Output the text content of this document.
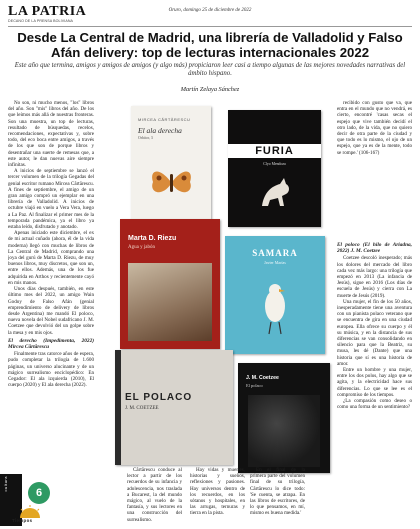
LA PATRIA
DECANO DE LA PRENSA BOLIVIANA
Oruro, domingo 25 de diciembre de 2022
Desde La Central de Madrid, una librería de Valladolid y Falso Afán delivery: top de lecturas internacionales 2022

Este año que termina, amigos y amigos de amigos (y algo más) propiciaron leer casi a tiempo algunas de las mejores novedades narrativas del ámbito hispano.

Martín Zelaya Sánchez

No son, ni mucho menos, "los" libros del año. Son "mis" libros del año. De los que leímos más allá de nuestras fronteras. Son una muestra, un top de lecturas, resultado de búsquedas, recelos, recomendaciones, expectativas y, sobre todo, del eco boca entre amigos, a través de los que son de porque libros y desentrañar una suerte de remesas que, a este autor, le dan nuevas aire siempre infinitas.

A inicios de septiembre se lanzó el tercer volumen de la trilogía Gegadas del genial escritor rumano Mircea Cărtărescu. A fines de septiembre, el amigo de un gran amigo compró un ejemplar en una librería de Valladolid. A inicios de octubre viajó en vuelo a Vera Vera, luego a La Paz. Al finalizar el primer mes de la temporada pandémica, ya el libro ya estaba leído, disfrutado y anotado.

Apenas iniciado este diciembre, el ex de mi actual cuñado (ahora, él de la vida moderna) llegó con muchas de libros de La Central de Madrid, comprando una joya del gurú de Marta D. Riezu, de muy buenos libros, muy discretos, que son un, entre ellos. Además, una de los fue adquirida en Arthos y recientemente cayó en mis manos.

Unos días después, también, en este último mes del 2022, un amigo Wain Godoy de Falso Afán (genial emprendimiento de delivery de libros desde Argentina) me mandó El poloco, nueva novela del Nobel sudafricano J. M. Coetzee que devolvió del un golpe sobre la mesa y en mis ojos.

El derecho (Impedimenta, 2022) Mircea Cărtărescu

Finalmente tras catorce años de espera, pudo completar la trilogía de 1.600 páginas, un universo alucinante y de un mágico surrealismo enciclopédico: En Cegador: El ala izquierda (2010), El cuerpo (2020) y El ala derecha (2022).

MIRCEA CĂRTĂRESCU
El ala derecha
Orbitor, 3
FURIA
Clyo Mendoza
Marta D. Riezu
Agua y jabón
SAMARA
Javier Marías
EL POLACO
J. M. COETZEE
J. M. Coetzee
El polaco

Cărtărescu conduce al lector a partir de los recuerdos de su infancia y adolescencia, nos traslada a Bucarest, la del mundo mágico, al vuelo de la fantasía, y sus lectores en una construcción del surrealismo.

Hay vidas y muertes, historias y sueños, reflexiones y pasiones. Hay universos dentro de los recuerdos, en los sótanos y hospitales, en las arrugas, ternuras y tierra en la pista.

En el final de la primera parte del volumen final de su trilogía, Cărtărescu lo dice todo: 'Se cuenta, se atrapa. En las libros de escritores, de lo que pensamos, en mí, mismo es buena medida.'

recibido con gusto que va, que entra en el mundo que no vendrá, es cierto, encontré 'casas secas el espejo que vive también decidí el otro lado, de la vida, que no quiero decir de otra parte de la ciudad y que todo es lo mismo, el ojo de un espejo, que ya es de la mente, todo se rompe.' (106-167)

El poloco (El hilo de Ariadna, 2022) J. M. Coetzee

Coetzee descoló inesperado; más los dolores del mercado del libro cada vez más largo: una trilogía que empezó en 2013 (La infancia de Jesús), sigue en 2016 (Los días de escuela de Jesús) y cierra con La muerte de Jesús (2019).

Una mujer, el fin de los 50 años, inesperadamente tiene una aventura con un pianista polaco veterano que se encuentra de gira en una ciudad europea. Ella ofrece su cuerpo y él su música, y en la distancia de sus diferencias se van consolidando en silencio para que la Beatriz, su musa, les dé (Dante) que una historia que sí es una historia de amor.

Entre un hombre y una mujer, entre los dos polos, hay algo que se agita, y la electricidad hace sus diferencias. Lo que se lee es el compromiso de los tiempos.

¿La compasión como deseo o como una forma de un sentimiento?

cultura
6
Tiempos
